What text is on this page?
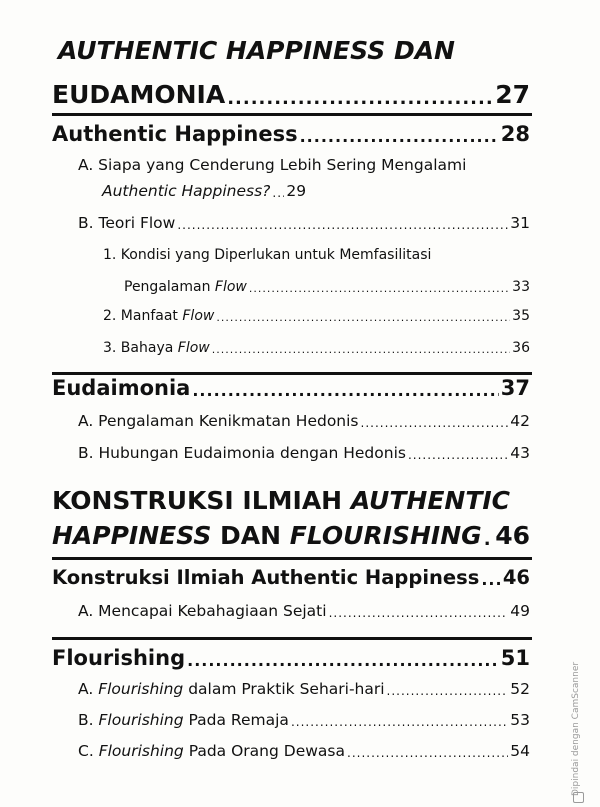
AUTHENTIC HAPPINESS DAN
EUDAMONIA .....	27
Authentic Happiness .....	28
A. Siapa yang Cenderung Lebih Sering Mengalami
Authentic Happiness? ..... 29
B. Teori Flow .....	31
1. Kondisi yang Diperlukan untuk Memfasilitasi
Pengalaman Flow .....	33
2. Manfaat Flow .....	35
3. Bahaya Flow .....	36
Eudaimonia .....	37
A. Pengalaman Kenikmatan Hedonis .....	42
B. Hubungan Eudaimonia dengan Hedonis .....	43
KONSTRUKSI ILMIAH AUTHENTIC
HAPPINESS DAN FLOURISHING ..... 46
Konstruksi Ilmiah Authentic Happiness ..... 46
A. Mencapai Kebahagiaan Sejati .....	49
Flourishing .....	51
A. Flourishing dalam Praktik Sehari-hari .....	52
B. Flourishing Pada Remaja .....	53
C. Flourishing Pada Orang Dewasa .....	54	Dipindai dengan CamScanner
